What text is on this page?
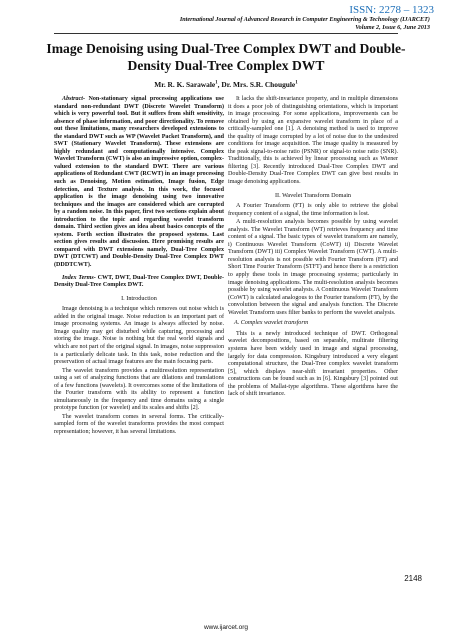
ISSN: 2278 – 1323
International Journal of Advanced Research in Computer Engineering & Technology (IJARCET)
Volume 2, Issue 6, June 2013
Image Denoising using Dual-Tree Complex DWT and Double-Density Dual-Tree Complex DWT
Mr. R. K. Sarawale$^1$, Dr. Mrs. S.R. Chougule$^1$

Abstract- Non-stationary signal processing applications use standard non-redundant DWT (Discrete Wavelet Transform) which is very powerful tool. But it suffers from shift sensitivity, absence of phase information, and poor directionality. To remove out these limitations, many researchers developed extensions to the standard DWT such as WP (Wavelet Packet Transform), and SWT (Stationary Wavelet Transform). These extensions are highly redundant and computationally intensive. Complex Wavelet Transform (CWT) is also an impressive option, complex-valued extension to the standard DWT. There are various applications of Redundant CWT (RCWT) in an image processing such as Denoising, Motion estimation, Image fusion, Edge detection, and Texture analysis. In this work, the focused application is the image denoising using two innovative techniques and the images are considered which are corrupted by a random noise. In this paper, first two sections explain about introduction to the topic and regarding wavelet transform domain. Third section gives an idea about basics concepts of the system. Forth section illustrates the proposed systems. Last section gives results and discussion. Here promising results are compared with DWT extensions namely, Dual-Tree Complex DWT (DTCWT) and Double-Density Dual-Tree Complex DWT (DDDTCWT).

Index Terms- CWT, DWT, Dual-Tree Complex DWT, Double-Density Dual-Tree Complex DWT.

I. Introduction

Image denoising is a technique which removes out noise which is added in the original image. Noise reduction is an important part of image processing systems. An image is always affected by noise. Image quality may get disturbed while capturing, processing and storing the image. Noise is nothing but the real world signals and which are not part of the original signal. In images, noise suppression is a particularly delicate task. In this task, noise reduction and the preservation of actual image features are the main focusing parts.

The wavelet transform provides a multiresolution representation using a set of analyzing functions that are dilations and translations of a few functions (wavelets). It overcomes some of the limitations of the Fourier transform with its ability to represent a function simultaneously in the frequency and time domains using a single prototype function (or wavelet) and its scales and shifts [2].

The wavelet transform comes in several forms. The critically-sampled form of the wavelet transforms provides the most compact representation; however, it has several limitations.

It lacks the shift-invariance property, and in multiple dimensions it does a poor job of distinguishing orientations, which is important in image processing. For some applications, improvements can be obtained by using an expansive wavelet transform in place of a critically-sampled one [1]. A denoising method is used to improve the quality of image corrupted by a lot of noise due to the undesired conditions for image acquisition. The image quality is measured by the peak signal-to-noise ratio (PSNR) or signal-to noise ratio (SNR). Traditionally, this is achieved by linear processing such as Wiener filtering [3]. Recently introduced Dual-Tree Complex DWT and Double-Density Dual-Tree Complex DWT can give best results in image denoising applications.

II. Wavelet Transform Domain

A Fourier Transform (FT) is only able to retrieve the global frequency content of a signal, the time information is lost.

A multi-resolution analysis becomes possible by using wavelet analysis. The Wavelet Transform (WT) retrieves frequency and time content of a signal. The basic types of wavelet transform are namely, i) Continuous Wavelet Transform (CoWT) ii) Discrete Wavelet Transform (DWT) iii) Complex Wavelet Transform (CWT). A multi-resolution analysis is not possible with Fourier Transform (FT) and Short Time Fourier Transform (STFT) and hence there is a restriction to apply these tools in image processing systems; particularly in image denoising applications. The multi-resolution analysis becomes possible by using wavelet analysis. A Continuous Wavelet Transform (CoWT) is calculated analogous to the Fourier transform (FT), by the convolution between the signal and analysis function. The Discrete Wavelet Transform uses filter banks to perform the wavelet analysis.

A. Complex wavelet transform

This is a newly introduced technique of DWT. Orthogonal wavelet decompositions, based on separable, multirate filtering systems have been widely used in image and signal processing, largely for data compression. Kingsbury introduced a very elegant computational structure, the Dual-Tree complex wavelet transform [5], which displays near-shift invariant properties. Other constructions can be found such as in [6]. Kingsbury [3] pointed out the problems of Mallat-type algorithms. These algorithms have the lack of shift invariance.

2148
www.ijarcet.org
